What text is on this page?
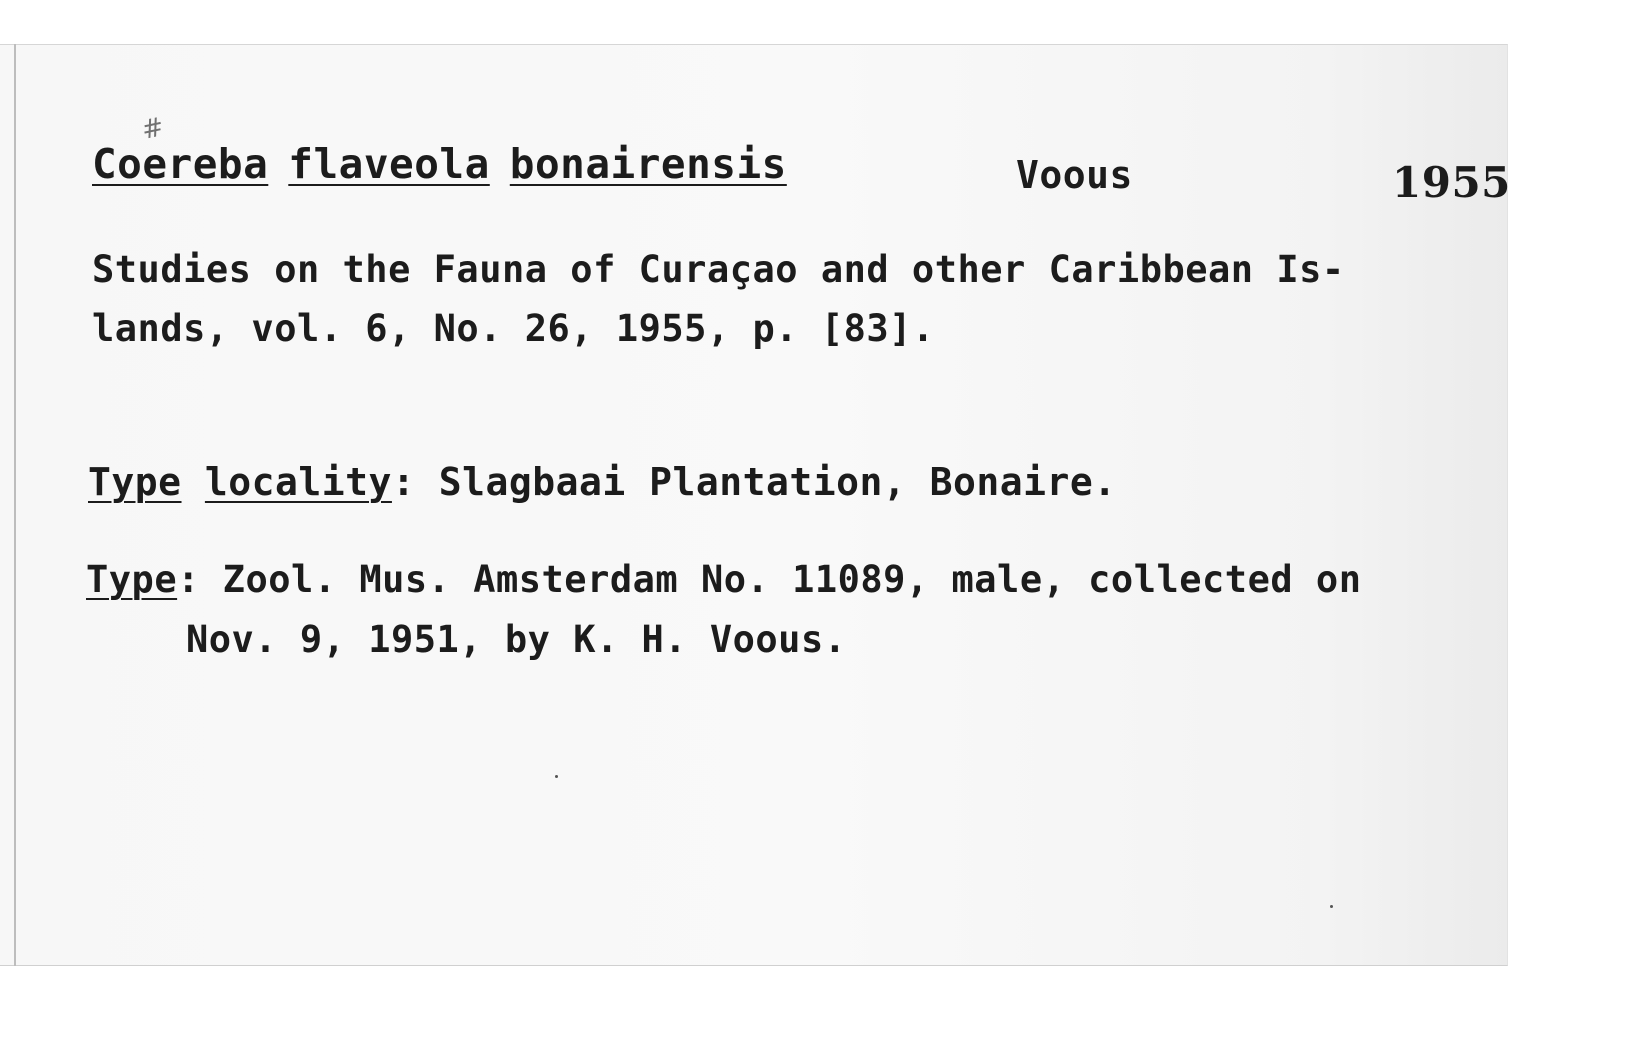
#
Coereba flaveola bonairensis	Voous	1955
Studies on the Fauna of Curaçao and other Caribbean Is-
lands, vol. 6, No. 26, 1955, p. [83].
Type locality: Slagbaai Plantation, Bonaire.
Type: Zool. Mus. Amsterdam No. 11089, male, collected on
Nov. 9, 1951, by K. H. Voous.
